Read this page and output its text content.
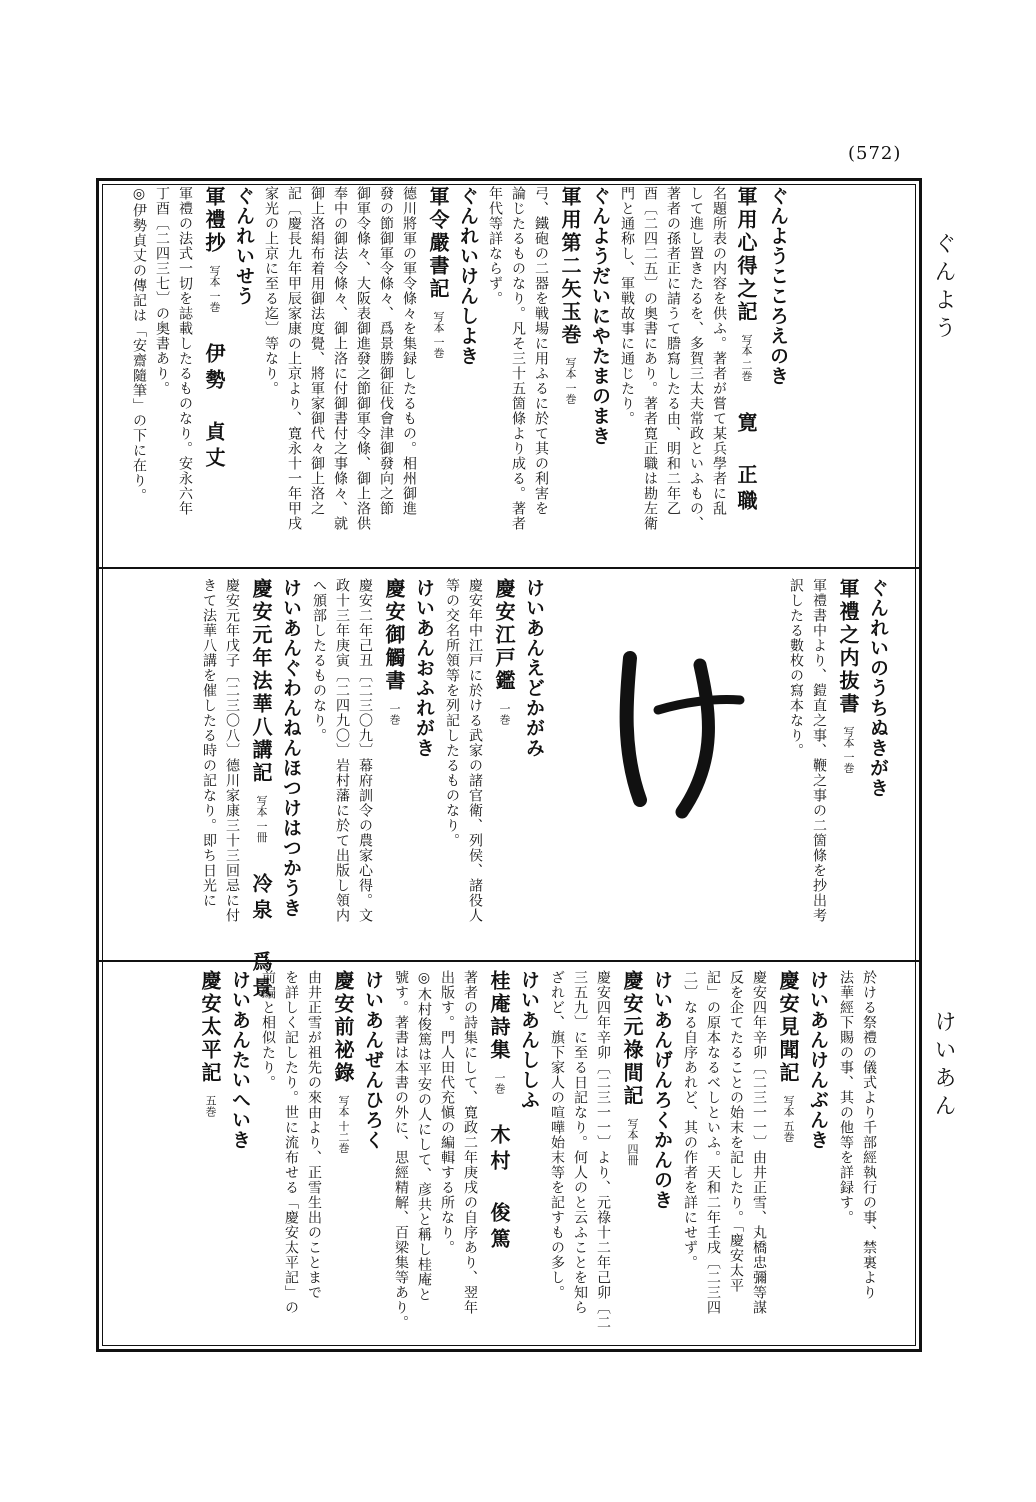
(572)
ぐんよう
けいあん
け
ぐんようこころえのき
軍用心得之記写本 二巻寛　正職
名題所表の内容を供ふ。著者が嘗て某兵學者に乱
して進し置きたるを、多賀三太夫常政といふもの、
著者の孫者正に請うて謄寫したる由、明和二年乙
酉〔二四二五〕の奥書にあり。著者寛正職は勘左衛
門と通称し、軍戦故事に通じたり。
ぐんようだいにやたまのまき
軍用第二矢玉巻写本 一巻
弓、鐵砲の二器を戦場に用ふるに於て其の利害を
論じたるものなり。凡そ三十五箇條より成る。著者
年代等詳ならず。
ぐんれいけんしよき
軍令嚴書記写本 一巻
德川將軍の軍令條々を集録したるもの。相州御進
發の節御軍令條々、爲景勝御征伐會津御發向之節
御軍令條々、大阪表御進發之節御軍令條、御上洛供
奉中の御法令條々、御上洛に付御書付之事條々、就
御上洛絹布着用御法度覺、將軍家御代々御上洛之
記〔慶長九年甲辰家康の上京より、寛永十一年甲戌
家光の上京に至る迄〕等なり。
ぐんれいせう
軍禮抄写本 一巻伊勢　貞丈
軍禮の法式一切を誌載したるものなり。安永六年
丁酉〔二四三七〕の奥書あり。
◎伊勢貞丈の傳記は「安齋隨筆」の下に在り。
ぐんれいのうちぬきがき
軍禮之内抜書写本 一巻
軍禮書中より、鎧直之事、鞭之事の二箇條を抄出考
訳したる數枚の寫本なり。
けいあんえどかがみ
慶安江戸鑑一巻
慶安年中江戸に於ける武家の諸官衛、列侯、諸役人
等の交名所領等を列記したるものなり。
けいあんおふれがき
慶安御觸書一巻
慶安二年己丑〔二三〇九〕幕府訓令の農家心得。文
政十三年庚寅〔二四九〇〕岩村藩に於て出版し領内
へ頒部したるものなり。
けいあんぐわんねんほつけはつかうき
慶安元年法華八講記写本 一冊冷泉　爲景
慶安元年戊子〔二三〇八〕德川家康三十三回忌に付
きて法華八講を催したる時の記なり。即ち日光に
於ける祭禮の儀式より千部經執行の事、禁裏より
法華經下賜の事、其の他等を詳録す。
けいあんけんぶんき
慶安見聞記写本 五巻
慶安四年辛卯〔二三一一〕由井正雪、丸橋忠彌等謀
反を企てたることの始末を記したり。「慶安太平
記」の原本なるべしといふ。天和二年壬戌〔二三四
二〕なる自序あれど、其の作者を詳にせず。
けいあんげんろくかんのき
慶安元祿間記写本 四冊
慶安四年辛卯〔二三一一〕より、元祿十二年己卯〔二
三五九〕に至る日記なり。何人のと云ふことを知ら
ざれど、旗下家人の喧嘩始末等を記すもの多し。
けいあんししふ
桂庵詩集一巻木村　俊篤
著者の詩集にして、寛政二年庚戌の自序あり、翌年
出版す。門人田代充愼の編輯する所なり。
◎木村俊篤は平安の人にして、彦共と稱し桂庵と
號す。著書は本書の外に、思經精解、百梁集等あり。
けいあんぜんひろく
慶安前祕錄写本 十二巻
由井正雪が祖先の來由より、正雪生出のことまで
を詳しく記したり。世に流布せる「慶安太平記」の
前編と相似たり。
けいあんたいへいき
慶安太平記五巻
